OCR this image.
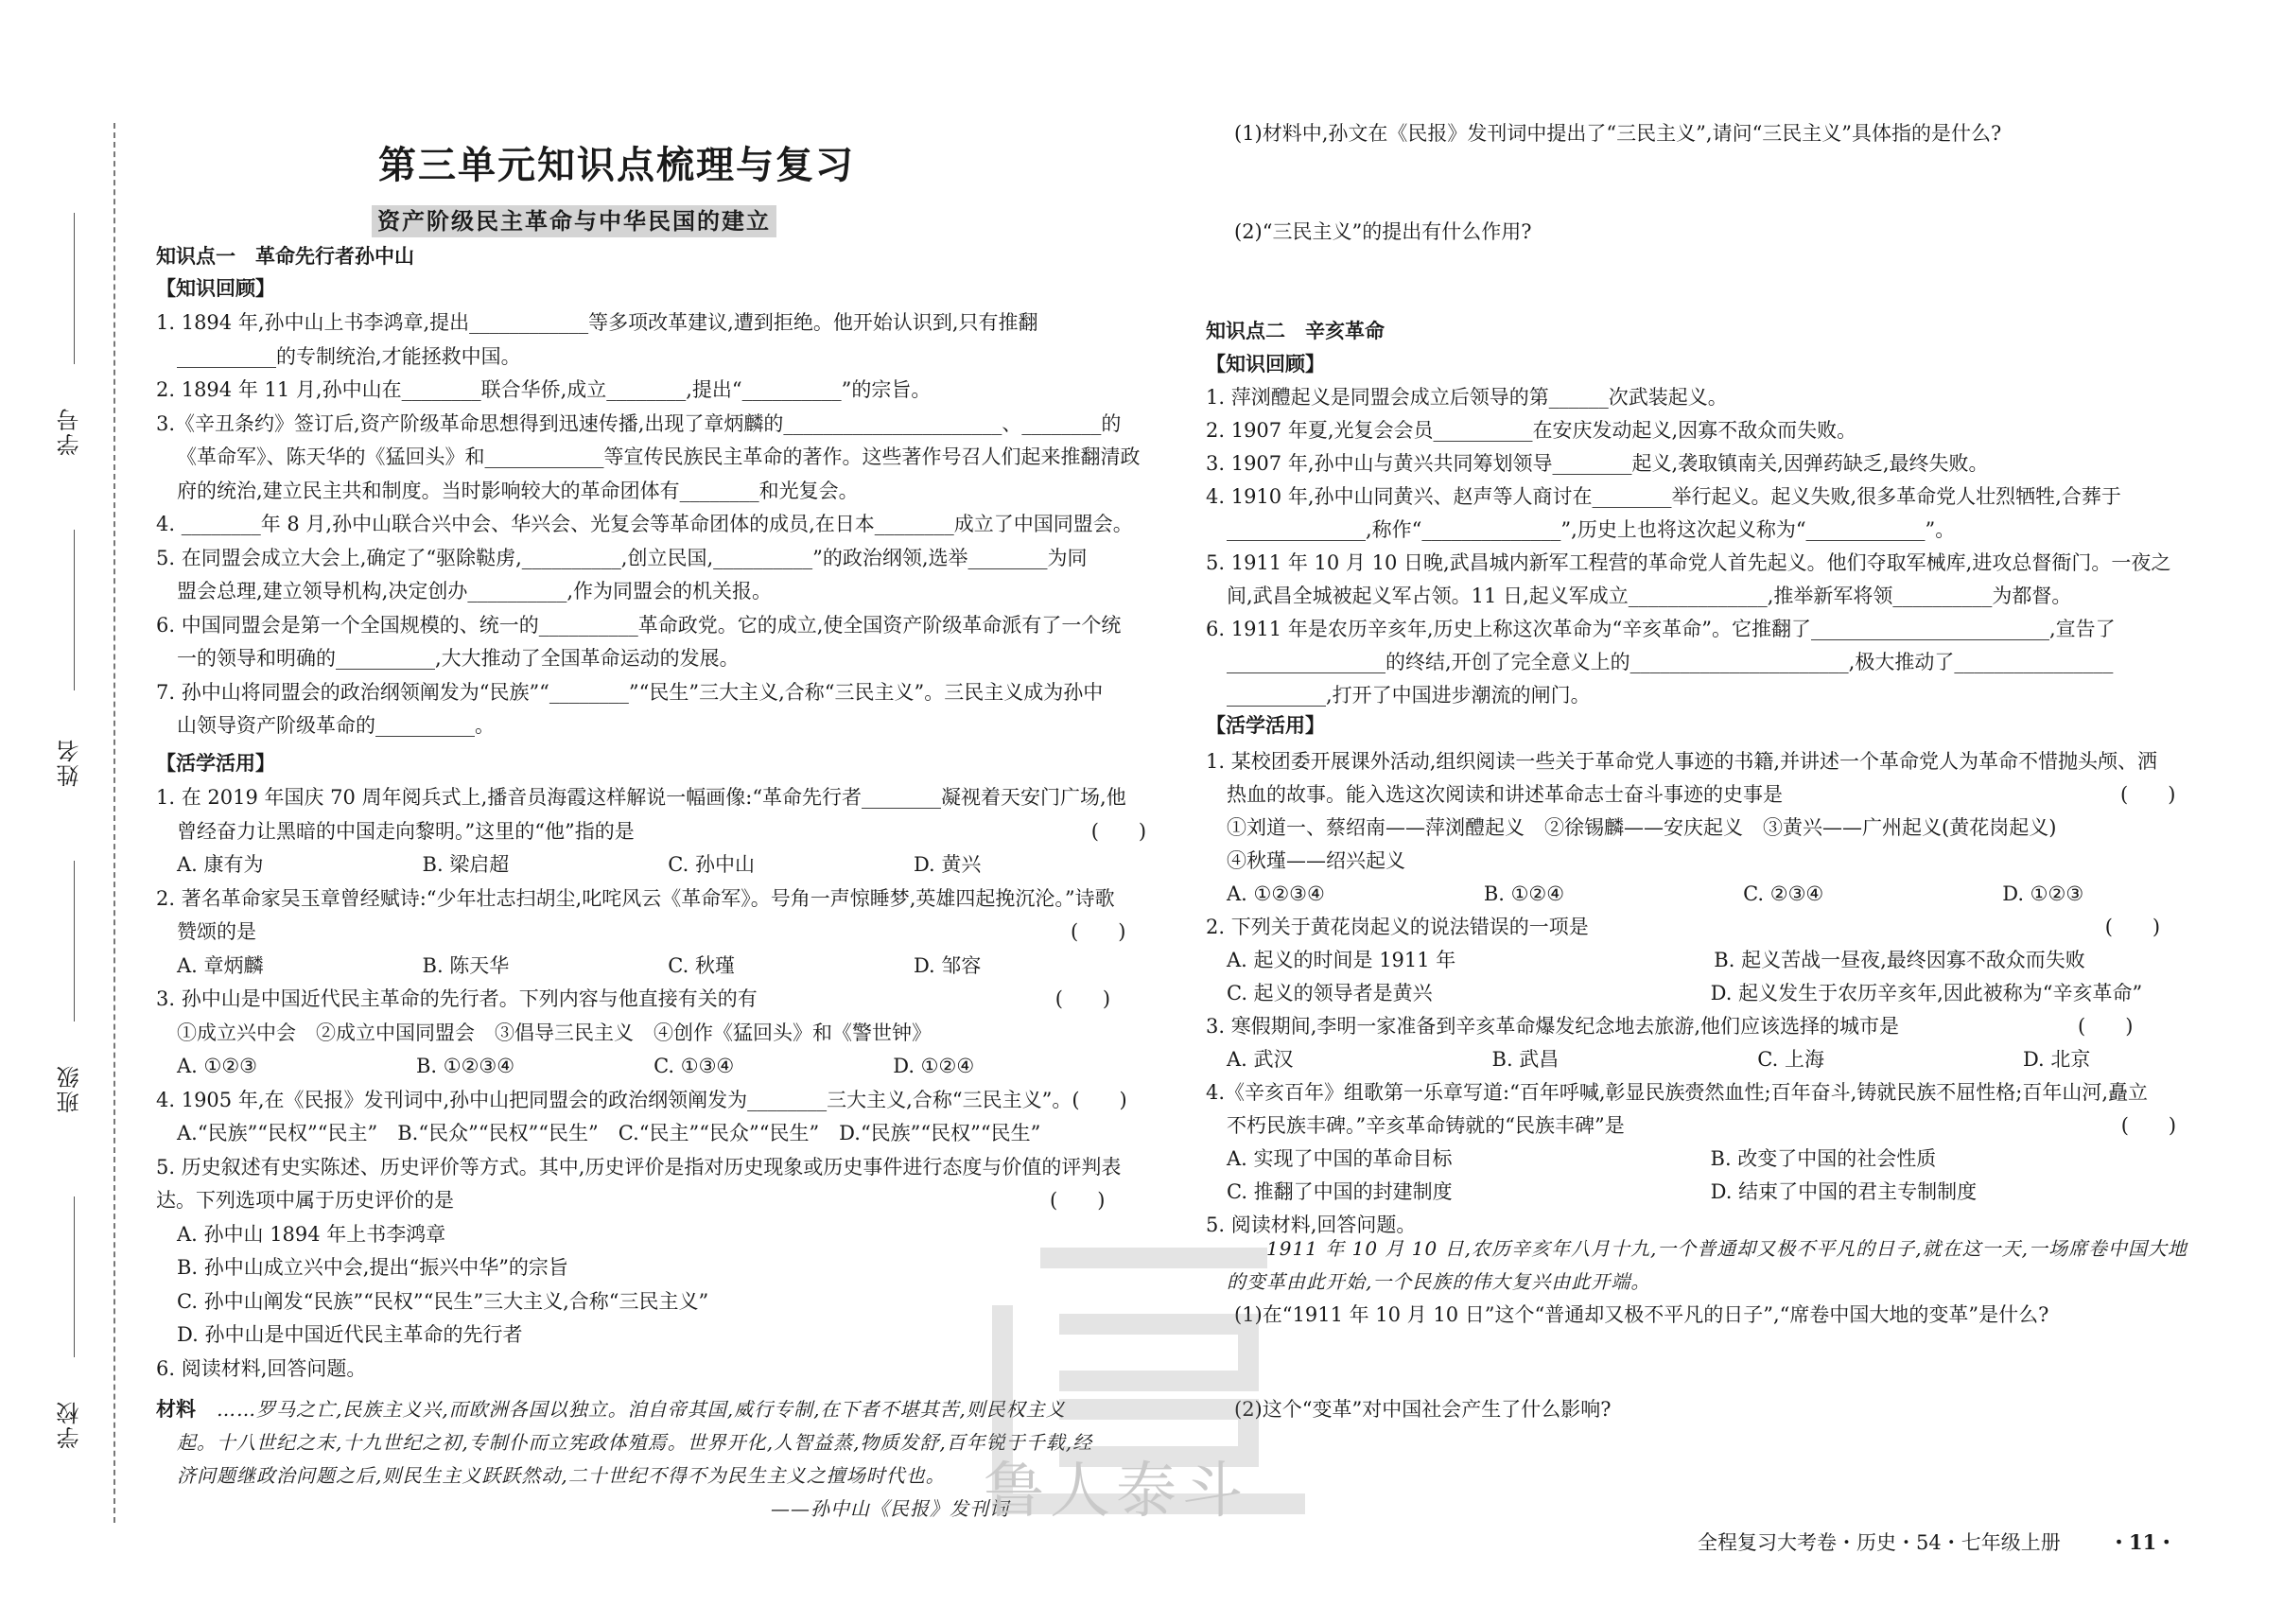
学号
姓名
班级
学校
第三单元知识点梳理与复习
资产阶级民主革命与中华民国的建立
知识点一　革命先行者孙中山
【知识回顾】
1. 1894 年,孙中山上书李鸿章,提出____________等多项改革建议,遭到拒绝。他开始认识到,只有推翻
__________的专制统治,才能拯救中国。
2. 1894 年 11 月,孙中山在________联合华侨,成立________,提出“__________”的宗旨。
3.《辛丑条约》签订后,资产阶级革命思想得到迅速传播,出现了章炳麟的______________________、________的
《革命军》、陈天华的《猛回头》和____________等宣传民族民主革命的著作。这些著作号召人们起来推翻清政
府的统治,建立民主共和制度。当时影响较大的革命团体有________和光复会。
4. ________年 8 月,孙中山联合兴中会、华兴会、光复会等革命团体的成员,在日本________成立了中国同盟会。
5. 在同盟会成立大会上,确定了“驱除鞑虏,__________,创立民国,__________”的政治纲领,选举________为同
盟会总理,建立领导机构,决定创办__________,作为同盟会的机关报。
6. 中国同盟会是第一个全国规模的、统一的__________革命政党。它的成立,使全国资产阶级革命派有了一个统
一的领导和明确的__________,大大推动了全国革命运动的发展。
7. 孙中山将同盟会的政治纲领阐发为“民族”“________”“民生”三大主义,合称“三民主义”。三民主义成为孙中
山领导资产阶级革命的__________。
【活学活用】
1. 在 2019 年国庆 70 周年阅兵式上,播音员海霞这样解说一幅画像:“革命先行者________凝视着天安门广场,他
曾经奋力让黑暗的中国走向黎明。”这里的“他”指的是　　　　　　　　　　　　　　　　　　　　　　　(　　)
A. 康有为　　　　　　　　B. 梁启超　　　　　　　　C. 孙中山　　　　　　　　D. 黄兴
2. 著名革命家吴玉章曾经赋诗:“少年壮志扫胡尘,叱咤风云《革命军》。号角一声惊睡梦,英雄四起挽沉沦。”诗歌
赞颂的是　　　　　　　　　　　　　　　　　　　　　　　　　　　　　　　　　　　　　　　　　(　　)
A. 章炳麟　　　　　　　　B. 陈天华　　　　　　　　C. 秋瑾　　　　　　　　　D. 邹容
3. 孙中山是中国近代民主革命的先行者。下列内容与他直接有关的有　　　　　　　　　　　　　　　(　　)
①成立兴中会　②成立中国同盟会　③倡导三民主义　④创作《猛回头》和《警世钟》
A. ①②③　　　　　　　　B. ①②③④　　　　　　　C. ①③④　　　　　　　　D. ①②④
4. 1905 年,在《民报》发刊词中,孙中山把同盟会的政治纲领阐发为________三大主义,合称“三民主义”。(　　)
A.“民族”“民权”“民主”　B.“民众”“民权”“民生”　C.“民主”“民众”“民生”　D.“民族”“民权”“民生”
5. 历史叙述有史实陈述、历史评价等方式。其中,历史评价是指对历史现象或历史事件进行态度与价值的评判表
达。下列选项中属于历史评价的是　　　　　　　　　　　　　　　　　　　　　　　　　　　　　　(　　)
A. 孙中山 1894 年上书李鸿章
B. 孙中山成立兴中会,提出“振兴中华”的宗旨
C. 孙中山阐发“民族”“民权”“民生”三大主义,合称“三民主义”
D. 孙中山是中国近代民主革命的先行者
6. 阅读材料,回答问题。
材料 ……罗马之亡,民族主义兴,而欧洲各国以独立。洎自帝其国,威行专制,在下者不堪其苦,则民权主义
起。十八世纪之末,十九世纪之初,专制仆而立宪政体殖焉。世界开化,人智益蒸,物质发舒,百年锐于千载,经
济问题继政治问题之后,则民生主义跃跃然动,二十世纪不得不为民生主义之擅场时代也。
——孙中山《民报》发刊词
(1)材料中,孙文在《民报》发刊词中提出了“三民主义”,请问“三民主义”具体指的是什么?
(2)“三民主义”的提出有什么作用?
知识点二　辛亥革命
【知识回顾】
1. 萍浏醴起义是同盟会成立后领导的第______次武装起义。
2. 1907 年夏,光复会会员__________在安庆发动起义,因寡不敌众而失败。
3. 1907 年,孙中山与黄兴共同筹划领导________起义,袭取镇南关,因弹药缺乏,最终失败。
4. 1910 年,孙中山同黄兴、赵声等人商讨在________举行起义。起义失败,很多革命党人壮烈牺牲,合葬于
______________,称作“______________”,历史上也将这次起义称为“____________”。
5. 1911 年 10 月 10 日晚,武昌城内新军工程营的革命党人首先起义。他们夺取军械库,进攻总督衙门。一夜之
间,武昌全城被起义军占领。11 日,起义军成立______________,推举新军将领__________为都督。
6. 1911 年是农历辛亥年,历史上称这次革命为“辛亥革命”。它推翻了________________________,宣告了
________________的终结,开创了完全意义上的______________________,极大推动了________________
__________,打开了中国进步潮流的闸门。
【活学活用】
1. 某校团委开展课外活动,组织阅读一些关于革命党人事迹的书籍,并讲述一个革命党人为革命不惜抛头颅、洒
热血的故事。能入选这次阅读和讲述革命志士奋斗事迹的史事是　　　　　　　　　　　　　　　　　(　　)
①刘道一、蔡绍南——萍浏醴起义　②徐锡麟——安庆起义　③黄兴——广州起义(黄花岗起义)
④秋瑾——绍兴起义
A. ①②③④　　　　　　　　B. ①②④　　　　　　　　　C. ②③④　　　　　　　　　D. ①②③
2. 下列关于黄花岗起义的说法错误的一项是　　　　　　　　　　　　　　　　　　　　　　　　　　(　　)
A. 起义的时间是 1911 年　　　　　　　　　　　　　B. 起义苦战一昼夜,最终因寡不敌众而失败
C. 起义的领导者是黄兴　　　　　　　　　　　　　　D. 起义发生于农历辛亥年,因此被称为“辛亥革命”
3. 寒假期间,李明一家准备到辛亥革命爆发纪念地去旅游,他们应该选择的城市是　　　　　　　　　(　　)
A. 武汉　　　　　　　　　　B. 武昌　　　　　　　　　　C. 上海　　　　　　　　　　D. 北京
4.《辛亥百年》组歌第一乐章写道:“百年呼喊,彰显民族赍然血性;百年奋斗,铸就民族不屈性格;百年山河,矗立
不朽民族丰碑。”辛亥革命铸就的“民族丰碑”是　　　　　　　　　　　　　　　　　　　　　　　　　(　　)
A. 实现了中国的革命目标　　　　　　　　　　　　　B. 改变了中国的社会性质
C. 推翻了中国的封建制度　　　　　　　　　　　　　D. 结束了中国的君主专制制度
5. 阅读材料,回答问题。
1911 年 10 月 10 日,农历辛亥年八月十九,一个普通却又极不平凡的日子,就在这一天,一场席卷中国大地
的变革由此开始,一个民族的伟大复兴由此开端。
(1)在“1911 年 10 月 10 日”这个“普通却又极不平凡的日子”,“席卷中国大地的变革”是什么?
(2)这个“变革”对中国社会产生了什么影响?
全程复习大考卷・历史・54・七年级上册 ・11・
鲁人泰斗
